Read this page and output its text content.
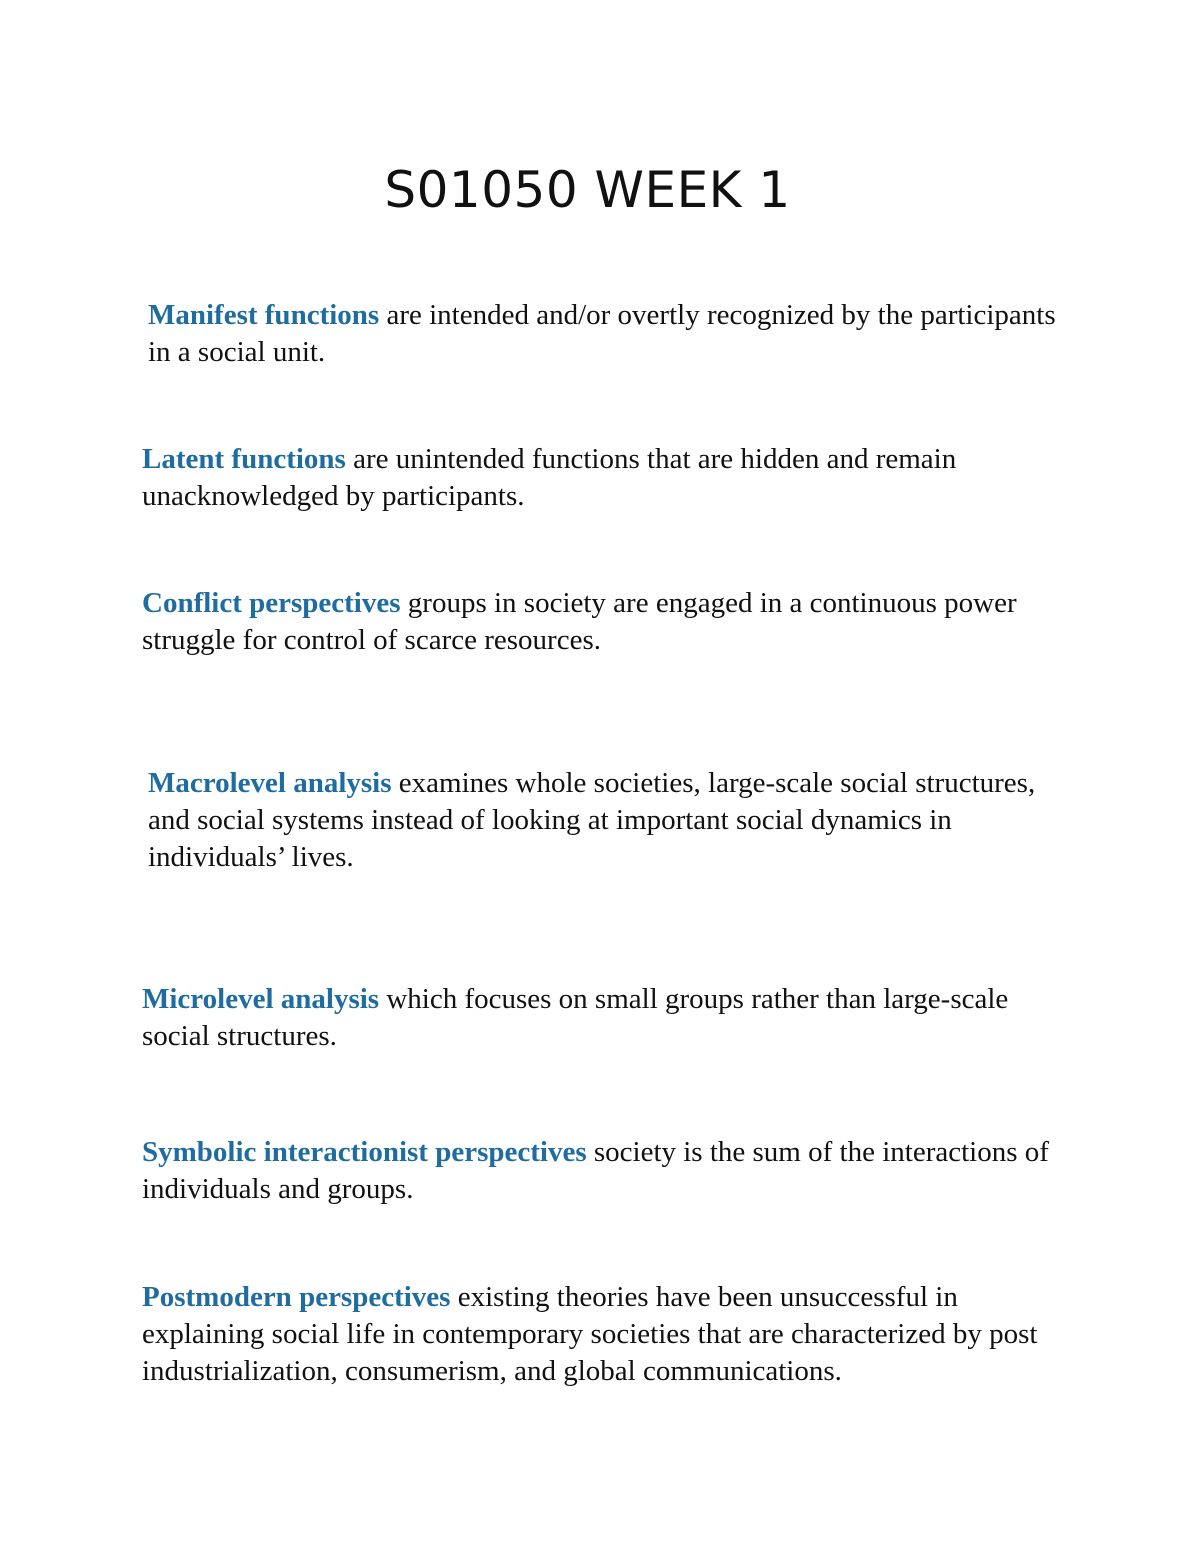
S01050 WEEK 1

Manifest functions are intended and/or overtly recognized by the participants in a social unit.

Latent functions are unintended functions that are hidden and remain unacknowledged by participants.

Conflict perspectives groups in society are engaged in a continuous power struggle for control of scarce resources.

Macrolevel analysis examines whole societies, large-scale social structures, and social systems instead of looking at important social dynamics in individuals’ lives.

Microlevel analysis which focuses on small groups rather than large-scale social structures.

Symbolic interactionist perspectives society is the sum of the interactions of individuals and groups.

Postmodern perspectives existing theories have been unsuccessful in explaining social life in contemporary societies that are characterized by post industrialization, consumerism, and global communications.
